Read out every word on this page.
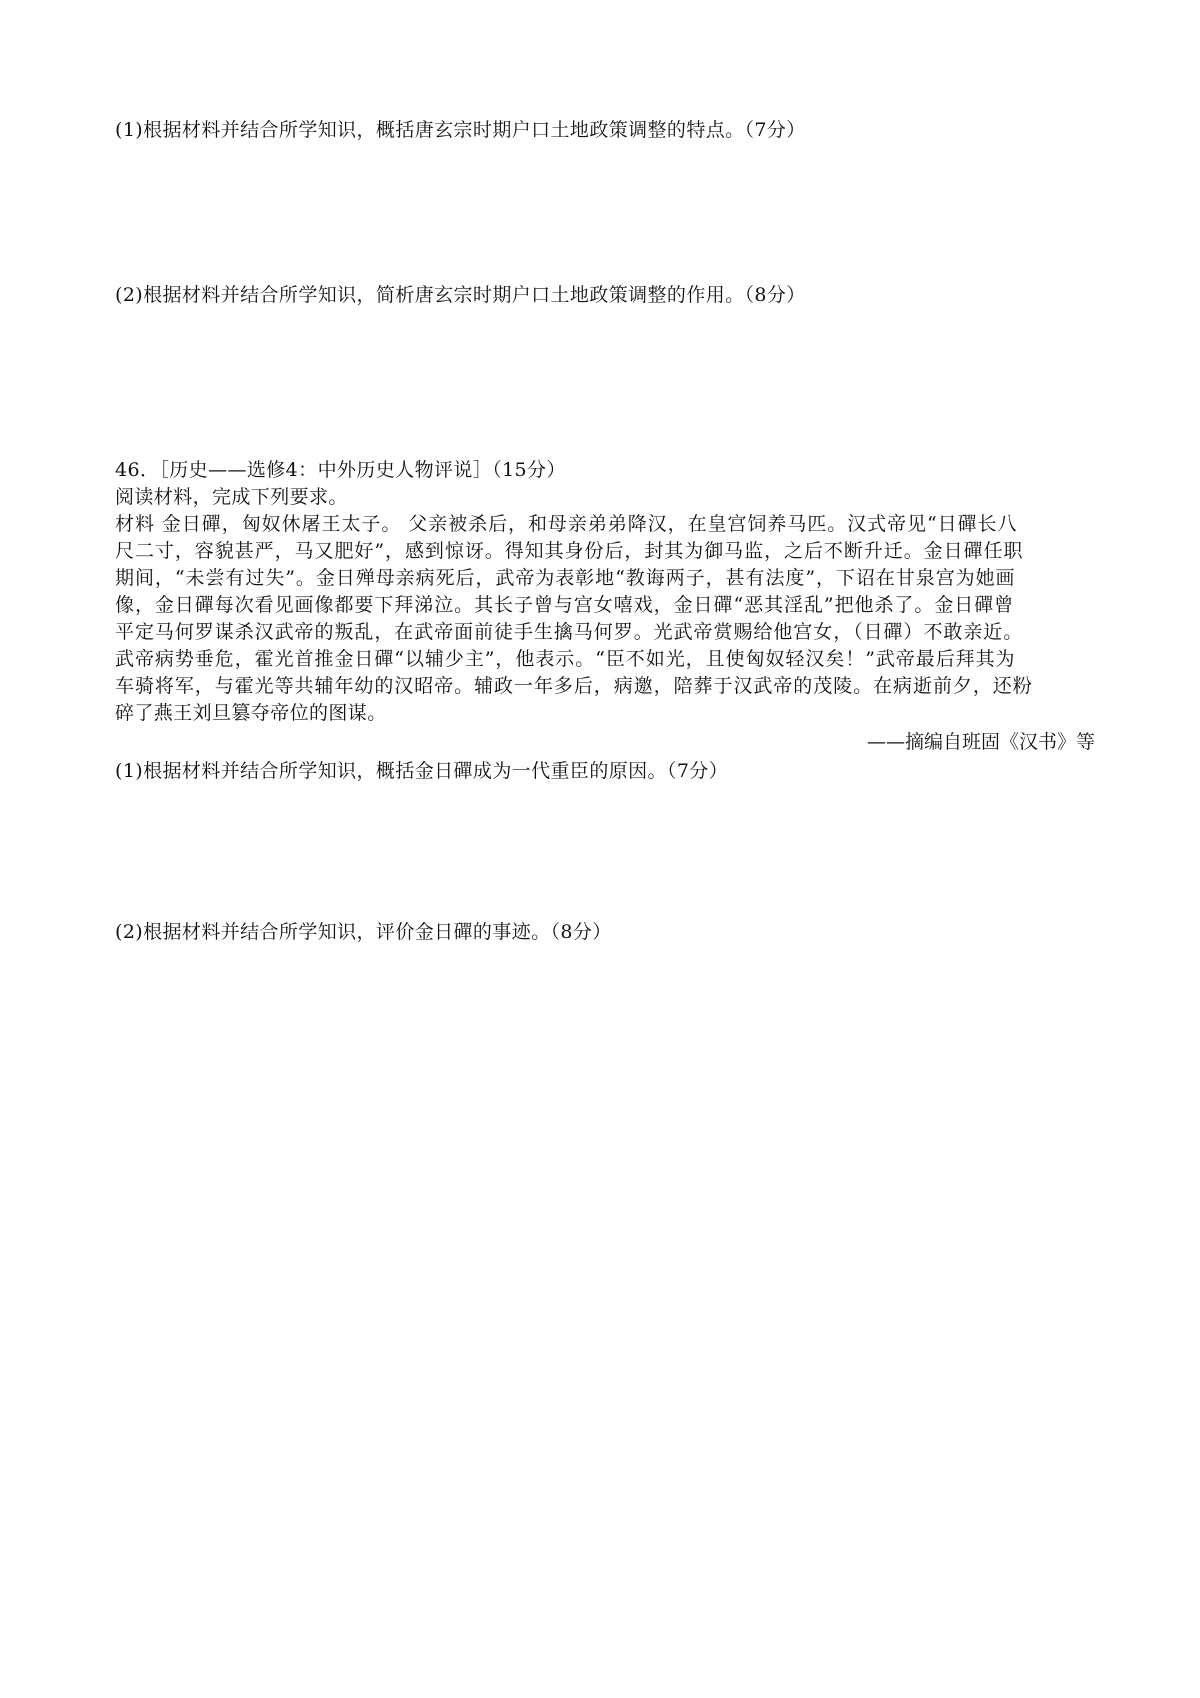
(1)根据材料并结合所学知识，概括唐玄宗时期户口土地政策调整的特点。（7分）

(2)根据材料并结合所学知识，简析唐玄宗时期户口土地政策调整的作用。（8分）

46．［历史——选修4：中外历史人物评说］（15分）

阅读材料，完成下列要求。

材料 金日磾，匈奴休屠王太子。 父亲被杀后，和母亲弟弟降汉，在皇宫饲养马匹。汉式帝见“日磾长八

尺二寸，容貌甚严，马又肥好”，感到惊讶。得知其身份后，封其为御马监，之后不断升迁。金日磾任职

期间，“未尝有过失”。金日殚母亲病死后，武帝为表彰地“教诲两子，甚有法度”，下诏在甘泉宫为她画

像，金日磾每次看见画像都要下拜涕泣。其长子曾与宫女嘻戏，金日磾“恶其淫乱”把他杀了。金日磾曾

平定马何罗谋杀汉武帝的叛乱，在武帝面前徒手生擒马何罗。光武帝赏赐给他宫女，（日磾）不敢亲近。

武帝病势垂危，霍光首推金日磾“以辅少主”，他表示。“臣不如光，且使匈奴轻汉矣！”武帝最后拜其为

车骑将军，与霍光等共辅年幼的汉昭帝。辅政一年多后，病邀，陪葬于汉武帝的茂陵。在病逝前夕，还粉

碎了燕王刘旦篡夺帝位的图谋。

——摘编自班固《汉书》等

(1)根据材料并结合所学知识，概括金日磾成为一代重臣的原因。（7分）

(2)根据材料并结合所学知识，评价金日磾的事迹。（8分）
